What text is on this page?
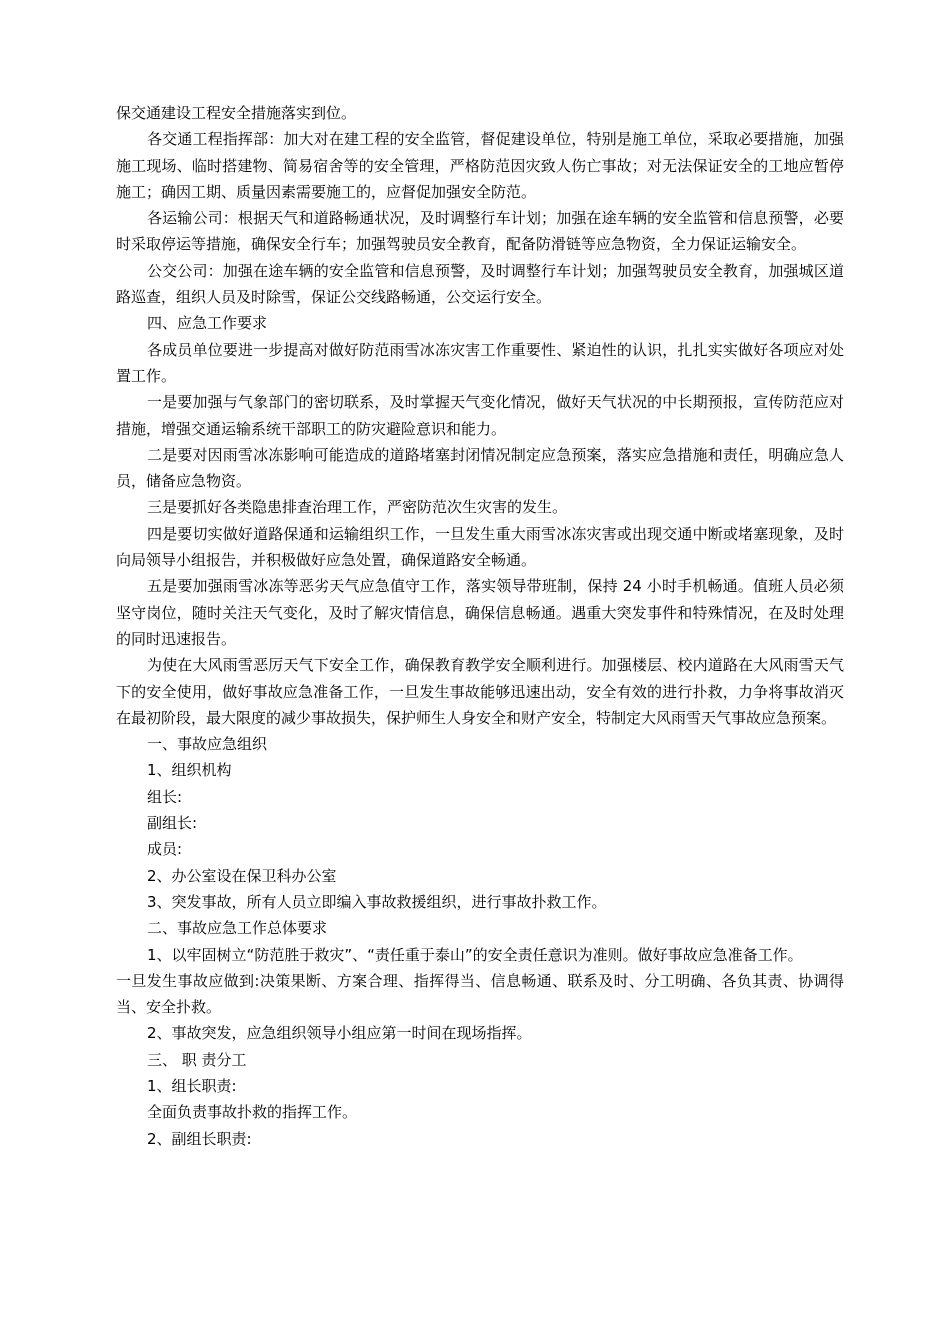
保交通建设工程安全措施落实到位。

各交通工程指挥部：加大对在建工程的安全监管，督促建设单位，特别是施工单位，采取必要措施，加强施工现场、临时搭建物、简易宿舍等的安全管理，严格防范因灾致人伤亡事故；对无法保证安全的工地应暂停施工；确因工期、质量因素需要施工的，应督促加强安全防范。

各运输公司：根据天气和道路畅通状况，及时调整行车计划；加强在途车辆的安全监管和信息预警，必要时采取停运等措施，确保安全行车；加强驾驶员安全教育，配备防滑链等应急物资，全力保证运输安全。

公交公司：加强在途车辆的安全监管和信息预警，及时调整行车计划；加强驾驶员安全教育，加强城区道路巡查，组织人员及时除雪，保证公交线路畅通，公交运行安全。

四、应急工作要求

各成员单位要进一步提高对做好防范雨雪冰冻灾害工作重要性、紧迫性的认识，扎扎实实做好各项应对处置工作。

一是要加强与气象部门的密切联系，及时掌握天气变化情况，做好天气状况的中长期预报，宣传防范应对措施，增强交通运输系统干部职工的防灾避险意识和能力。

二是要对因雨雪冰冻影响可能造成的道路堵塞封闭情况制定应急预案，落实应急措施和责任，明确应急人员，储备应急物资。

三是要抓好各类隐患排查治理工作，严密防范次生灾害的发生。

四是要切实做好道路保通和运输组织工作，一旦发生重大雨雪冰冻灾害或出现交通中断或堵塞现象，及时向局领导小组报告，并积极做好应急处置，确保道路安全畅通。

五是要加强雨雪冰冻等恶劣天气应急值守工作，落实领导带班制，保持 24 小时手机畅通。值班人员必须坚守岗位，随时关注天气变化，及时了解灾情信息，确保信息畅通。遇重大突发事件和特殊情况，在及时处理的同时迅速报告。

为使在大风雨雪恶厉天气下安全工作，确保教育教学安全顺利进行。加强楼层、校内道路在大风雨雪天气下的安全使用，做好事故应急准备工作，一旦发生事故能够迅速出动，安全有效的进行扑救，力争将事故消灭在最初阶段，最大限度的减少事故损失，保护师生人身安全和财产安全，特制定大风雨雪天气事故应急预案。

一、事故应急组织

1、组织机构

组长:

副组长:

成员:

2、办公室设在保卫科办公室

3、突发事故，所有人员立即编入事故救援组织，进行事故扑救工作。

二、事故应急工作总体要求

1、以牢固树立“防范胜于救灾”、“责任重于泰山”的安全责任意识为准则。做好事故应急准备工作。

一旦发生事故应做到:决策果断、方案合理、指挥得当、信息畅通、联系及时、分工明确、各负其责、协调得当、安全扑救。

2、事故突发，应急组织领导小组应第一时间在现场指挥。

三、 职 责分工

1、组长职责:

全面负责事故扑救的指挥工作。

2、副组长职责:
